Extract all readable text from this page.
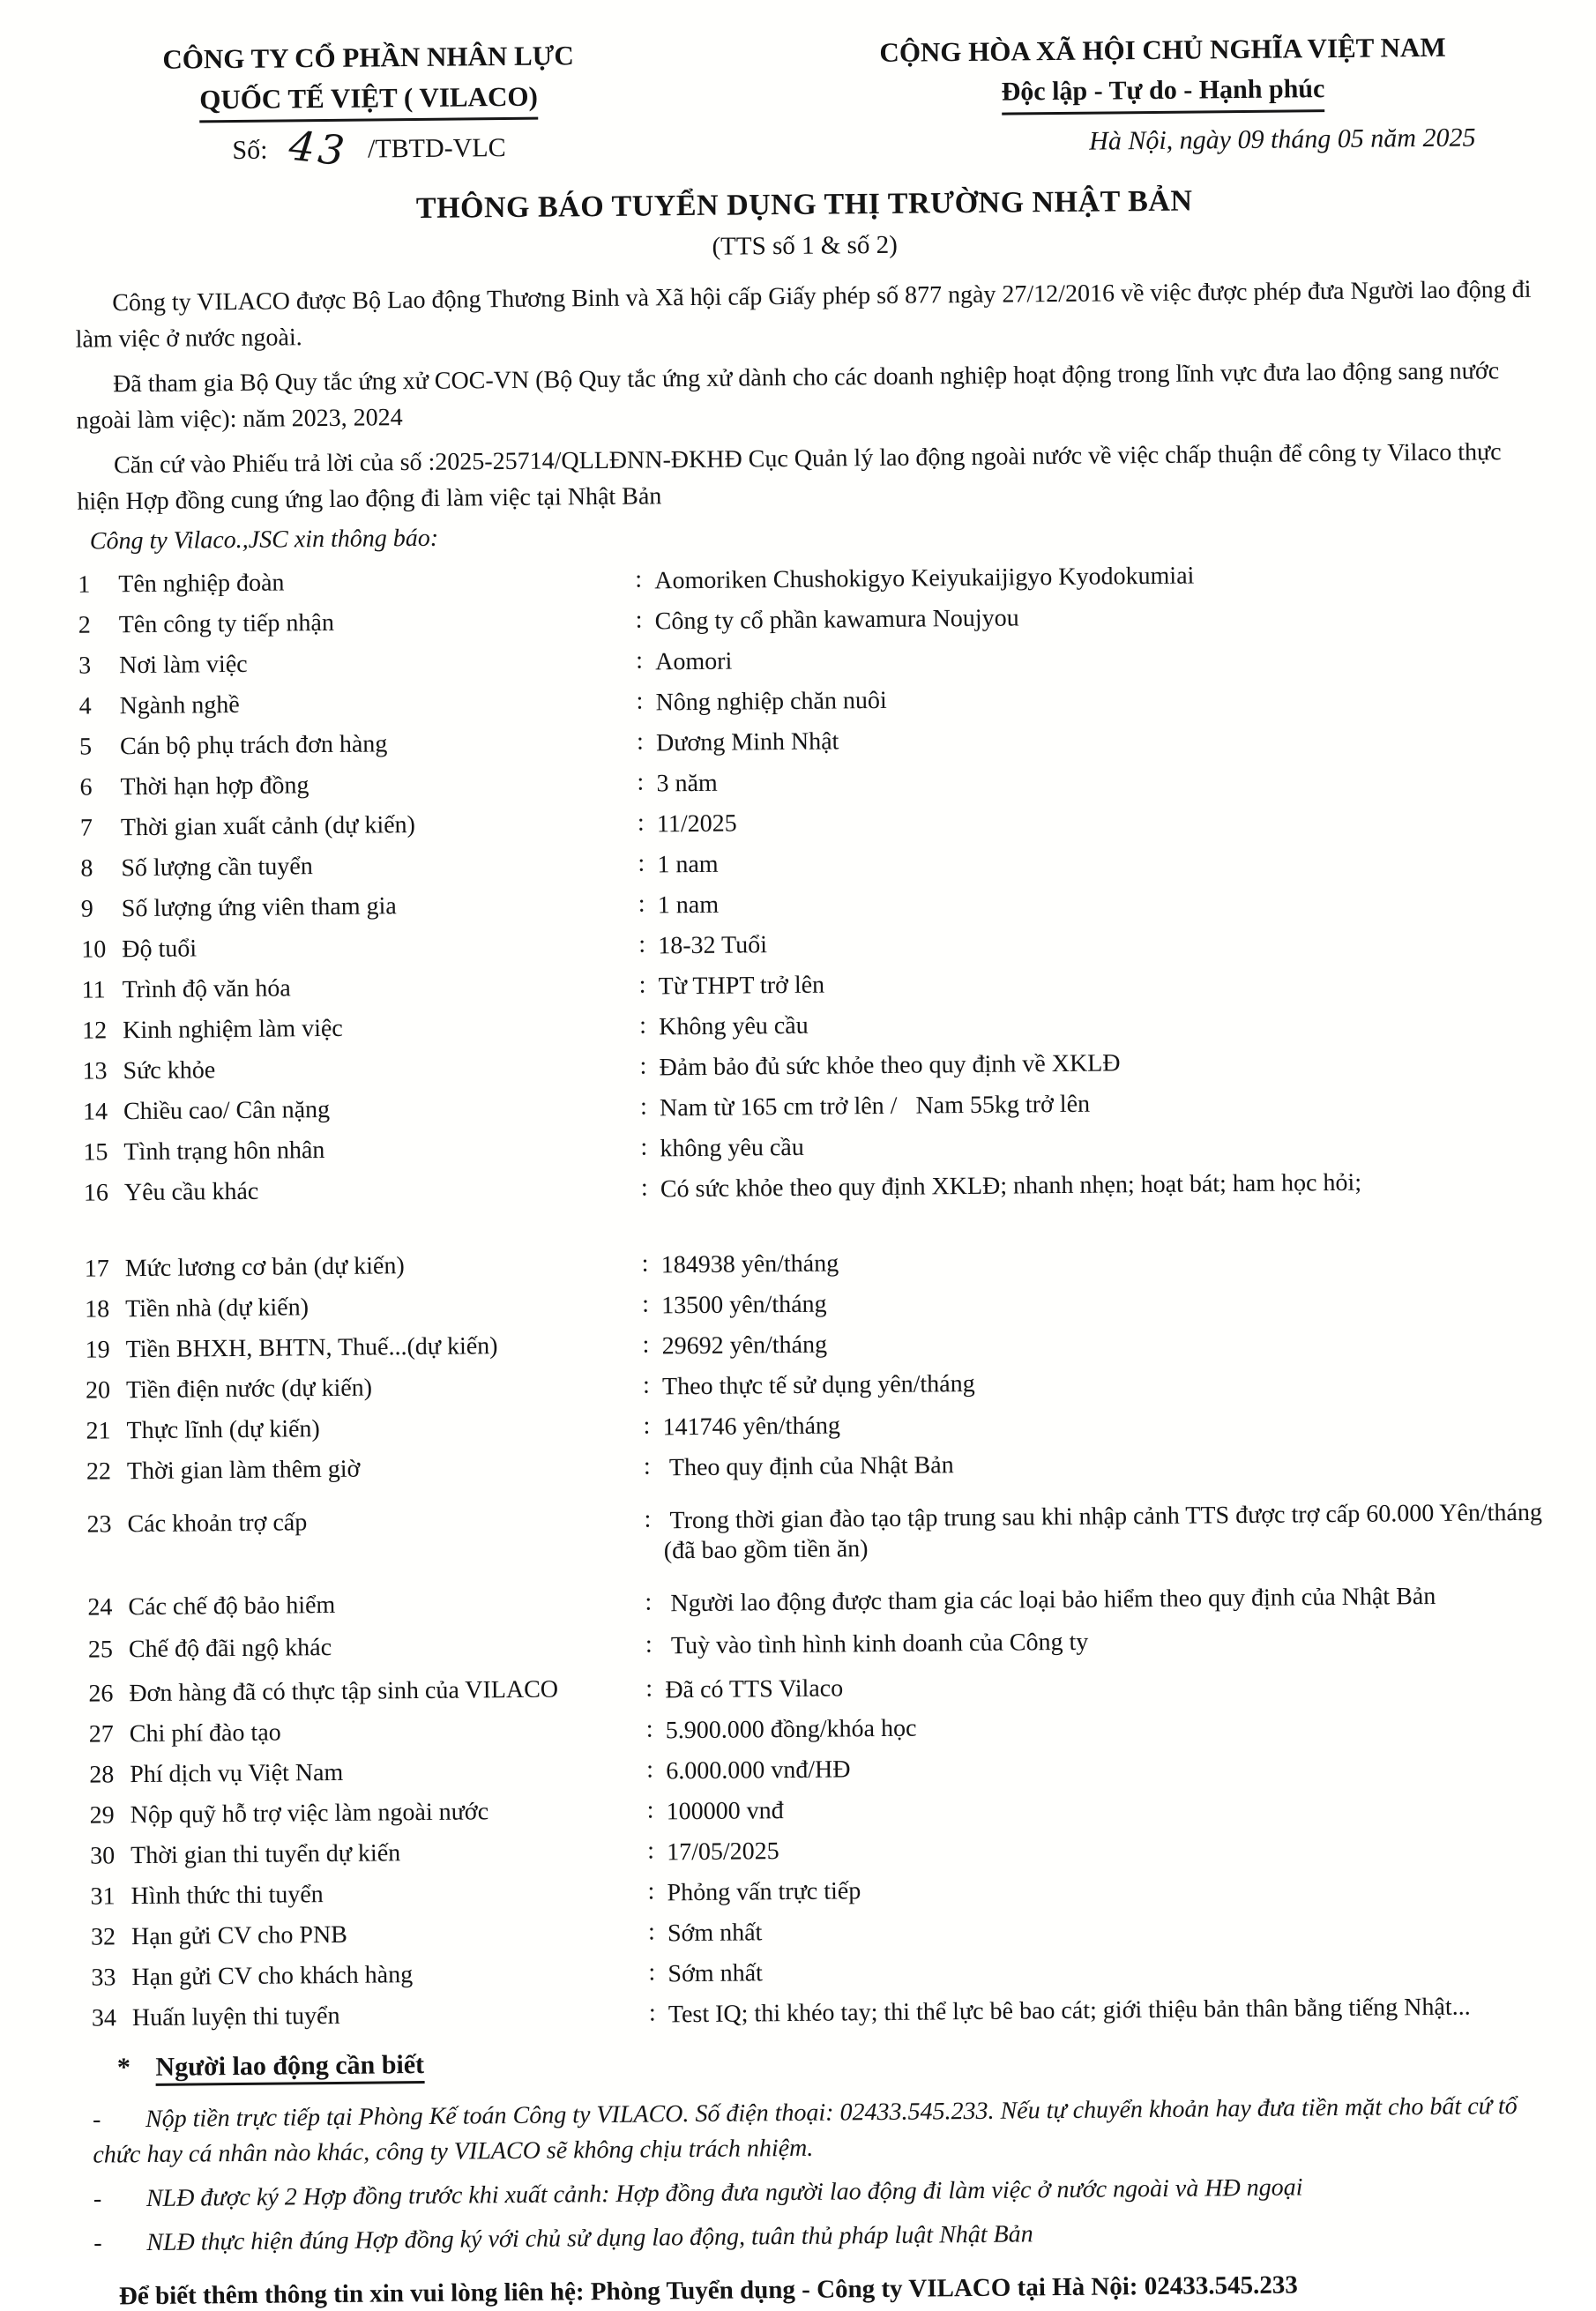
CÔNG TY CỔ PHẦN NHÂN LỰC
QUỐC TẾ VIỆT ( VILACO)
Số: 43 /TBTD-VLC
CỘNG HÒA XÃ HỘI CHỦ NGHĨA VIỆT NAM
Độc lập - Tự do - Hạnh phúc
Hà Nội, ngày 09 tháng 05 năm 2025
THÔNG BÁO TUYỂN DỤNG THỊ TRƯỜNG NHẬT BẢN
(TTS số 1 & số 2)

Công ty VILACO được Bộ Lao động Thương Binh và Xã hội cấp Giấy phép số 877 ngày 27/12/2016 về việc được phép đưa Người lao động đi làm việc ở nước ngoài.

Đã tham gia Bộ Quy tắc ứng xử COC-VN (Bộ Quy tắc ứng xử dành cho các doanh nghiệp hoạt động trong lĩnh vực đưa lao động sang nước ngoài làm việc): năm 2023, 2024

Căn cứ vào Phiếu trả lời của số :2025-25714/QLLĐNN-ĐKHĐ Cục Quản lý lao động ngoài nước về việc chấp thuận để công ty Vilaco thực hiện Hợp đồng cung ứng lao động đi làm việc tại Nhật Bản

Công ty Vilaco.,JSC xin thông báo:
1	Tên nghiệp đoàn	: Aomoriken Chushokigyo Keiyukaijigyo Kyodokumiai
2	Tên công ty tiếp nhận	: Công ty cổ phần kawamura Noujyou
3	Nơi làm việc	: Aomori
4	Ngành nghề	: Nông nghiệp chăn nuôi
5	Cán bộ phụ trách đơn hàng	: Dương Minh Nhật
6	Thời hạn hợp đồng	: 3 năm
7	Thời gian xuất cảnh (dự kiến)	: 11/2025
8	Số lượng cần tuyển	: 1 nam
9	Số lượng ứng viên tham gia	: 1 nam
10 Độ tuổi	: 18-32 Tuổi
11 Trình độ văn hóa	: Từ THPT trở lên
12 Kinh nghiệm làm việc	: Không yêu cầu
13 Sức khỏe	: Đảm bảo đủ sức khỏe theo quy định về XKLĐ
14 Chiều cao/ Cân nặng	: Nam từ 165 cm trở lên /   Nam 55kg trở lên
15 Tình trạng hôn nhân	: không yêu cầu
16 Yêu cầu khác	: Có sức khỏe theo quy định XKLĐ; nhanh nhẹn; hoạt bát; ham học hỏi;
17 Mức lương cơ bản (dự kiến)	: 184938 yên/tháng
18 Tiền nhà (dự kiến)	: 13500 yên/tháng
19 Tiền BHXH, BHTN, Thuế...(dự kiến)	: 29692 yên/tháng
20 Tiền điện nước (dự kiến)	: Theo thực tế sử dụng yên/tháng
21 Thực lĩnh (dự kiến)	: 141746 yên/tháng
22 Thời gian làm thêm giờ	: Theo quy định của Nhật Bản
23 Các khoản trợ cấp	: Trong thời gian đào tạo tập trung sau khi nhập cảnh TTS được trợ cấp 60.000 Yên/tháng (đã bao gồm tiền ăn)
24 Các chế độ bảo hiểm	: Người lao động được tham gia các loại bảo hiểm theo quy định của Nhật Bản
25 Chế độ đãi ngộ khác	: Tuỳ vào tình hình kinh doanh của Công ty
26 Đơn hàng đã có thực tập sinh của VILACO	: Đã có TTS Vilaco
27 Chi phí đào tạo	: 5.900.000 đồng/khóa học
28 Phí dịch vụ Việt Nam	: 6.000.000 vnđ/HĐ
29 Nộp quỹ hỗ trợ việc làm ngoài nước	: 100000 vnđ
30 Thời gian thi tuyển dự kiến	: 17/05/2025
31 Hình thức thi tuyển	: Phỏng vấn trực tiếp
32 Hạn gửi CV cho PNB	: Sớm nhất
33 Hạn gửi CV cho khách hàng	: Sớm nhất
34 Huấn luyện thi tuyển	: Test IQ; thi khéo tay; thi thể lực bê bao cát; giới thiệu bản thân bằng tiếng Nhật...
* Người lao động cần biết

- Nộp tiền trực tiếp tại Phòng Kế toán Công ty VILACO. Số điện thoại: 02433.545.233. Nếu tự chuyển khoản hay đưa tiền mặt cho bất cứ tổ chức hay cá nhân nào khác, công ty VILACO sẽ không chịu trách nhiệm.

- NLĐ được ký 2 Hợp đồng trước khi xuất cảnh: Hợp đồng đưa người lao động đi làm việc ở nước ngoài và HĐ ngoại

- NLĐ thực hiện đúng Hợp đồng ký với chủ sử dụng lao động, tuân thủ pháp luật Nhật Bản

Để biết thêm thông tin xin vui lòng liên hệ: Phòng Tuyển dụng - Công ty VILACO tại Hà Nội: 02433.545.233
